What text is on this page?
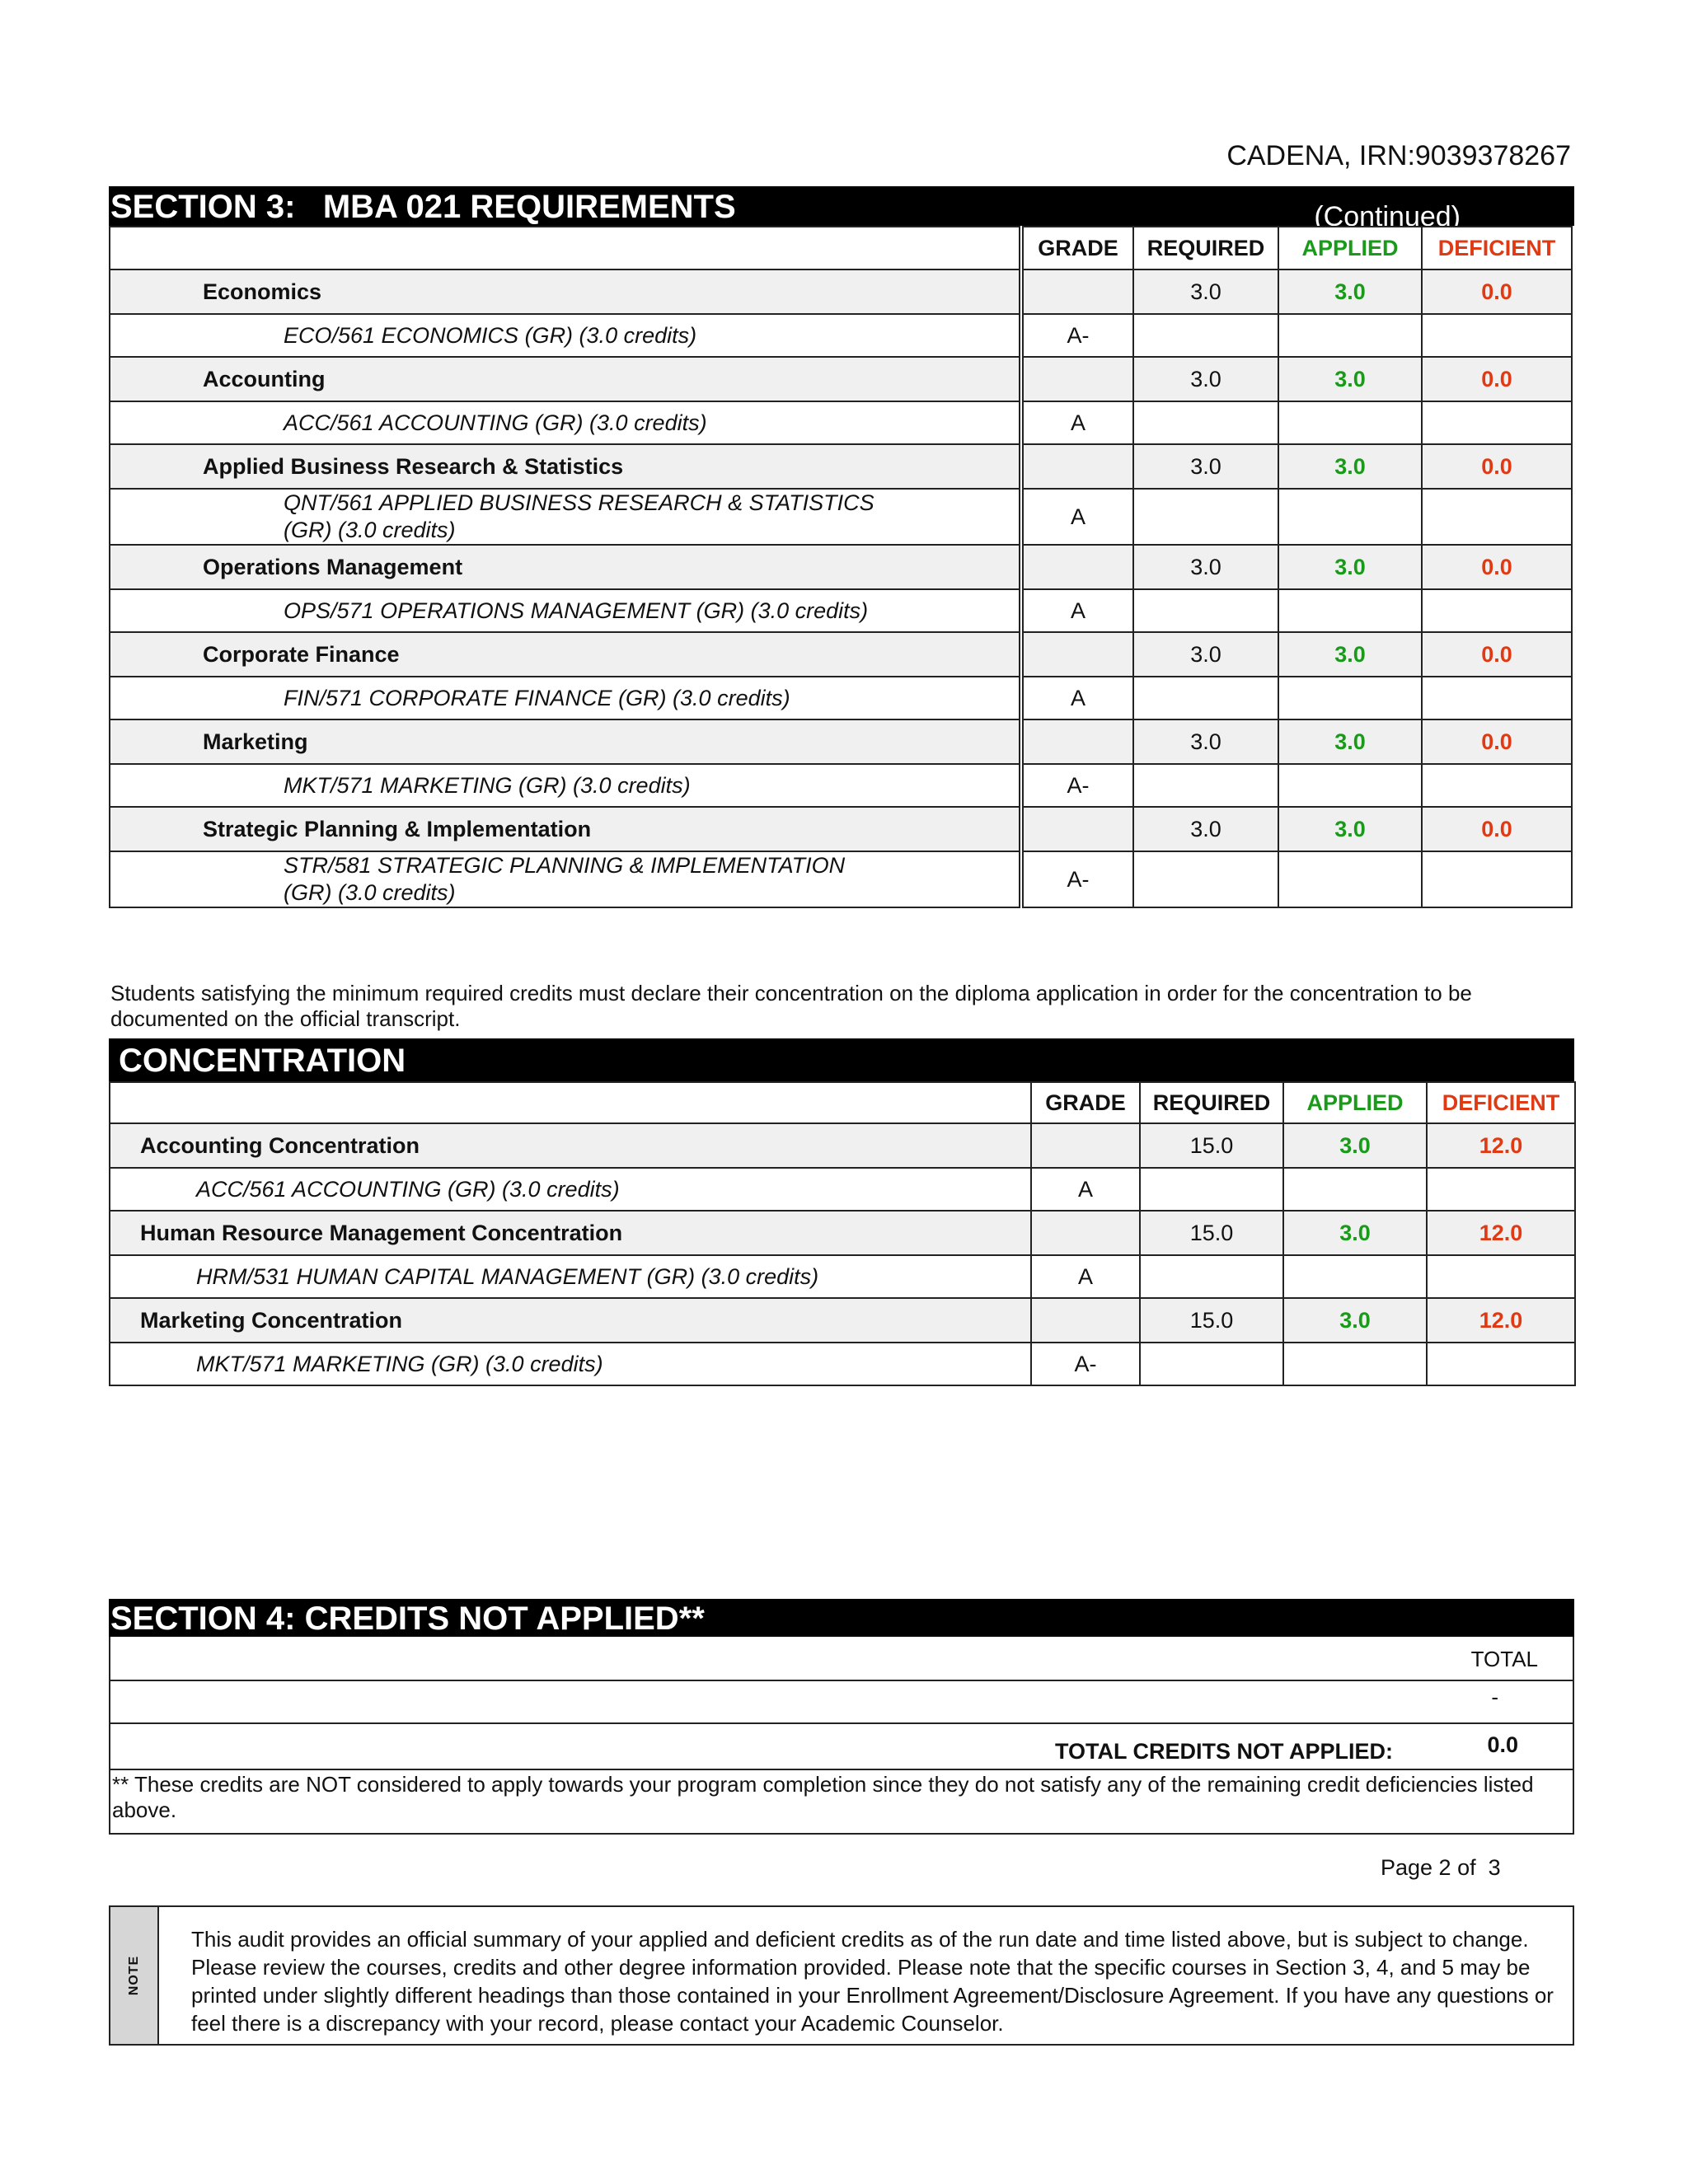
CADENA, IRN:9039378267
SECTION 3:   MBA 021 REQUIREMENTS	(Continued)
		GRADE	REQUIRED	APPLIED	DEFICIENT
Economics			3.0	3.0	0.0
ECO/561 ECONOMICS (GR) (3.0 credits)		A-			
Accounting			3.0	3.0	0.0
ACC/561 ACCOUNTING (GR) (3.0 credits)		A			
Applied Business Research & Statistics			3.0	3.0	0.0
QNT/561 APPLIED BUSINESS RESEARCH & STATISTICS (GR) (3.0 credits)		A			
Operations Management			3.0	3.0	0.0
OPS/571 OPERATIONS MANAGEMENT (GR) (3.0 credits)		A			
Corporate Finance			3.0	3.0	0.0
FIN/571 CORPORATE FINANCE (GR) (3.0 credits)		A			
Marketing			3.0	3.0	0.0
MKT/571 MARKETING (GR) (3.0 credits)		A-			
Strategic Planning & Implementation			3.0	3.0	0.0
STR/581 STRATEGIC PLANNING & IMPLEMENTATION (GR) (3.0 credits)		A-			
Students satisfying the minimum required credits must declare their concentration on the diploma application in order for the concentration to be documented on the official transcript.
CONCENTRATION
	GRADE	REQUIRED	APPLIED	DEFICIENT
Accounting Concentration		15.0	3.0	12.0
ACC/561 ACCOUNTING (GR) (3.0 credits)	A			
Human Resource Management Concentration		15.0	3.0	12.0
HRM/531 HUMAN CAPITAL MANAGEMENT (GR) (3.0 credits)	A			
Marketing Concentration		15.0	3.0	12.0
MKT/571 MARKETING (GR) (3.0 credits)	A-			
SECTION 4: CREDITS NOT APPLIED**
TOTAL
-
TOTAL CREDITS NOT APPLIED:	0.0
** These credits are NOT considered to apply towards your program completion since they do not satisfy any of the remaining credit deficiencies listed above.
Page 2 of  3
NOTE
This audit provides an official summary of your applied and deficient credits as of the run date and time listed above, but is subject to change. Please review the courses, credits and other degree information provided. Please note that the specific courses in Section 3, 4, and 5 may be printed under slightly different headings than those contained in your Enrollment Agreement/Disclosure Agreement. If you have any questions or feel there is a discrepancy with your record, please contact your Academic Counselor.
